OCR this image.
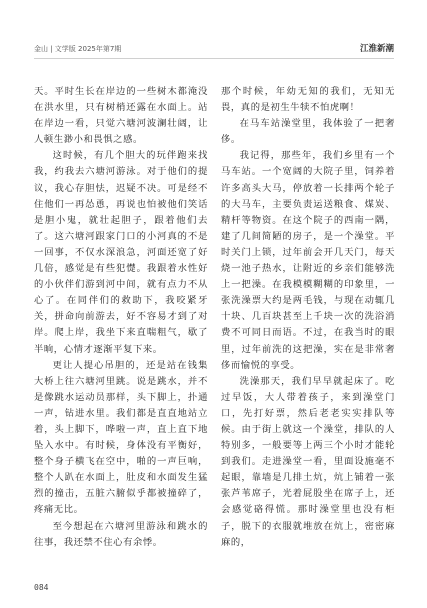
金山 | 文学版 2025年第7期	江淮新潮

天。平时生长在岸边的一些树木都淹没在洪水里，只有树梢还露在水面上。站在岸边一看，只觉六塘河波澜壮阔，让人顿生渺小和畏惧之感。

这时候，有几个胆大的玩伴跑来找我，约我去六塘河游泳。对于他们的提议，我心存胆怯，迟疑不决。可是经不住他们一再怂恿，再说也怕被他们笑话是胆小鬼，就壮起胆子，跟着他们去了。这六塘河跟家门口的小河真的不是一回事，不仅水深浪急，河面还宽了好几倍，感觉是有些犯憷。我跟着水性好的小伙伴们游到河中间，就有点力不从心了。在同伴们的救助下，我咬紧牙关，拼命向前游去，好不容易才到了对岸。爬上岸，我坐下来直喘粗气，歇了半晌，心情才逐渐平复下来。

更让人提心吊胆的，还是站在钱集大桥上往六塘河里跳。说是跳水，并不是像跳水运动员那样，头下脚上，扑通一声，钻进水里。我们都是直直地站立着，头上脚下，哗啦一声，直上直下地坠入水中。有时候，身体没有平衡好，整个身子横飞在空中，啪的一声巨响，整个人趴在水面上，肚皮和水面发生猛烈的撞击，五脏六腑似乎都被撞碎了，疼痛无比。

至今想起在六塘河里游泳和跳水的往事，我还禁不住心有余悸。

那个时候，年幼无知的我们，无知无畏，真的是初生牛犊不怕虎啊！

在马车站澡堂里，我体验了一把奢侈。

我记得，那些年，我们乡里有一个马车站。一个宽阔的大院子里，饲养着许多高头大马，停放着一长排两个轮子的大马车，主要负责运送粮食、煤炭、精杆等物资。在这个院子的西南一隅，建了几间简陋的房子，是一个澡堂。平时关门上锁，过年前会开几天门，每天烧一池子热水，让附近的乡亲们能够洗上一把澡。在我模模糊糊的印象里，一张洗澡票大约是两毛钱，与现在动辄几十块、几百块甚至上千块一次的洗浴消费不可同日而语。不过，在我当时的眼里，过年前洗的这把澡，实在是非常奢侈而愉悦的享受。

洗澡那天，我们早早就起床了。吃过早饭，大人带着孩子，来到澡堂门口，先打好票，然后老老实实排队等候。由于街上就这一个澡堂，排队的人特别多，一般要等上两三个小时才能轮到我们。走进澡堂一看，里面设施毫不起眼，靠墙是几排土炕，炕上铺着一张张芦苇席子，光着屁股坐在席子上，还会感觉硌得慌。那时澡堂里也没有柜子，脱下的衣服就堆放在炕上，密密麻麻的，

084
